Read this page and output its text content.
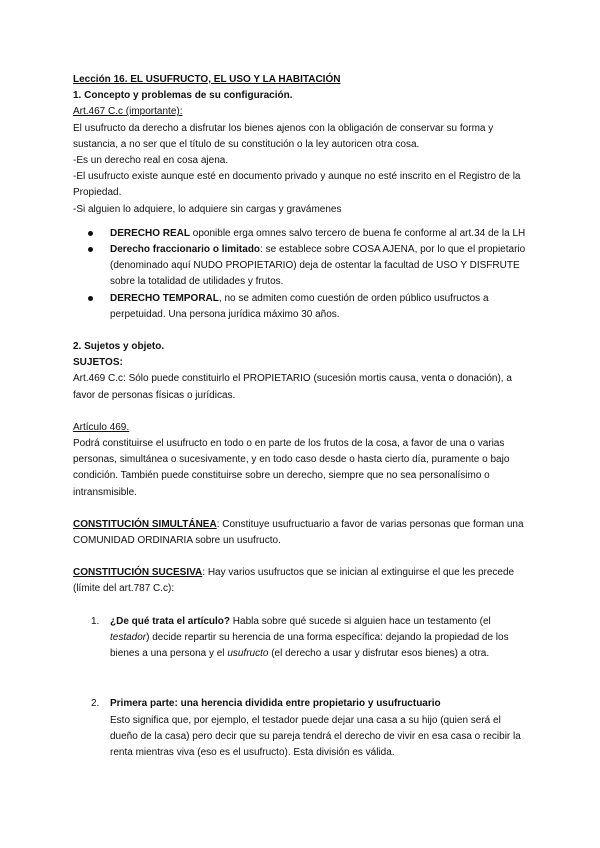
Lección 16. EL USUFRUCTO, EL USO Y LA HABITACIÓN

1. Concepto y problemas de su configuración.

Art.467 C.c (importante):

El usufructo da derecho a disfrutar los bienes ajenos con la obligación de conservar su forma y sustancia, a no ser que el título de su constitución o la ley autoricen otra cosa.

-Es un derecho real en cosa ajena.

-El usufructo existe aunque esté en documento privado y aunque no esté inscrito en el Registro de la Propiedad.

-Si alguien lo adquiere, lo adquiere sin cargas y gravámenes

DERECHO REAL oponible erga omnes salvo tercero de buena fe conforme al art.34 de la LH
Derecho fraccionario o limitado: se establece sobre COSA AJENA, por lo que el propietario (denominado aquí NUDO PROPIETARIO) deja de ostentar la facultad de USO Y DISFRUTE sobre la totalidad de utilidades y frutos.
DERECHO TEMPORAL, no se admiten como cuestión de orden público usufructos a perpetuidad. Una persona jurídica máximo 30 años.

2. Sujetos y objeto.

SUJETOS:

Art.469 C.c: Sólo puede constituirlo el PROPIETARIO (sucesión mortis causa, venta o donación), a favor de personas físicas o jurídicas.

Artículo 469.

Podrá constituirse el usufructo en todo o en parte de los frutos de la cosa, a favor de una o varias personas, simultánea o sucesivamente, y en todo caso desde o hasta cierto día, puramente o bajo condición. También puede constituirse sobre un derecho, siempre que no sea personalísimo o intransmisible.

CONSTITUCIÓN SIMULTÁNEA: Constituye usufructuario a favor de varias personas que forman una COMUNIDAD ORDINARIA sobre un usufructo.

CONSTITUCIÓN SUCESIVA: Hay varios usufructos que se inician al extinguirse el que les precede (límite del art.787 C.c):

1. ¿De qué trata el artículo? Habla sobre qué sucede si alguien hace un testamento (el testador) decide repartir su herencia de una forma específica: dejando la propiedad de los bienes a una persona y el usufructo (el derecho a usar y disfrutar esos bienes) a otra.
2. Primera parte: una herencia dividida entre propietario y usufructuario

Esto significa que, por ejemplo, el testador puede dejar una casa a su hijo (quien será el dueño de la casa) pero decir que su pareja tendrá el derecho de vivir en esa casa o recibir la renta mientras viva (eso es el usufructo). Esta división es válida.
